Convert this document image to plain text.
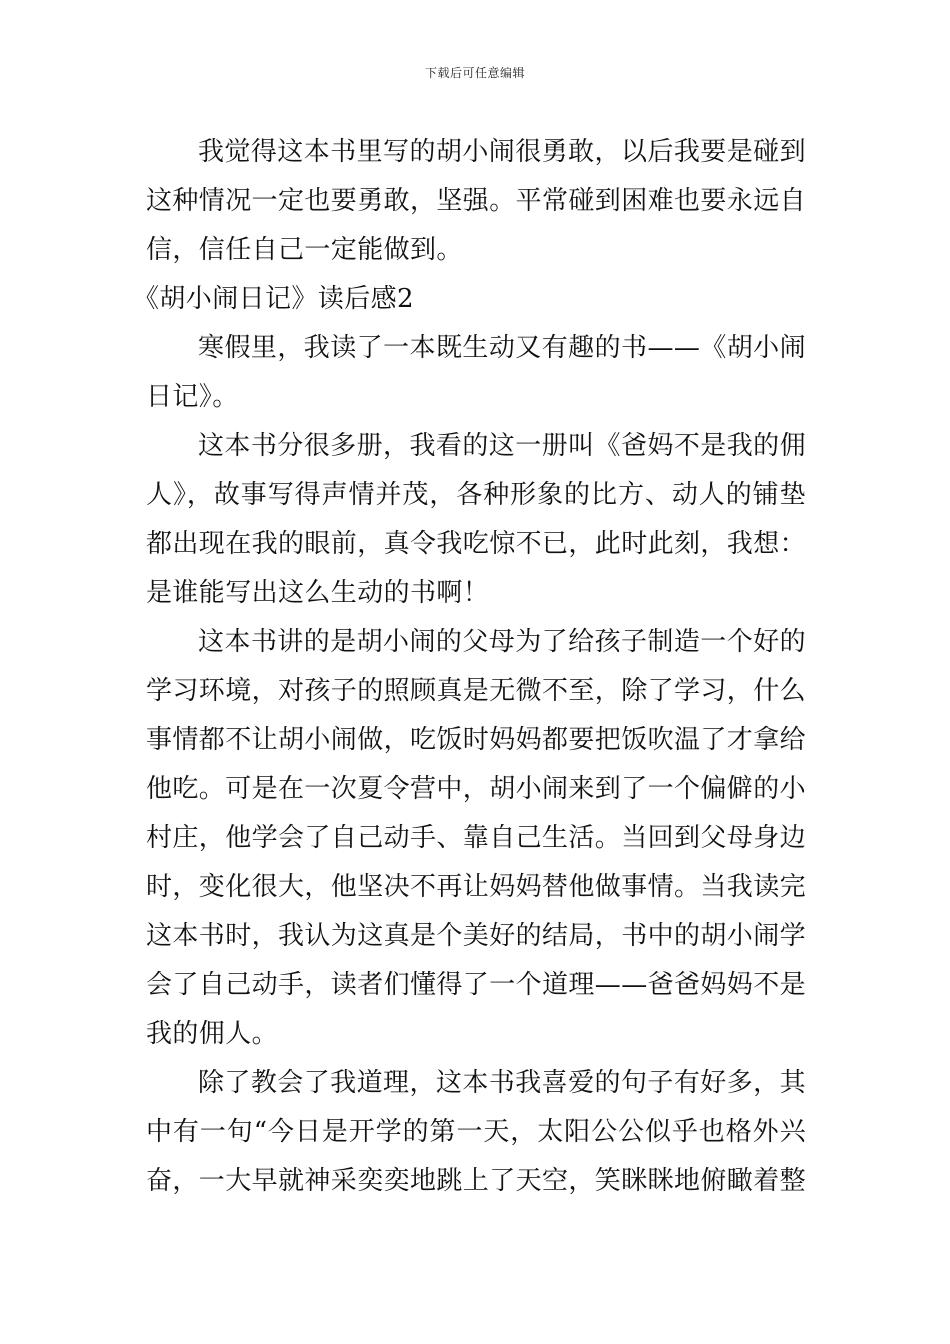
下载后可任意编辑

我觉得这本书里写的胡小闹很勇敢，以后我要是碰到这种情况一定也要勇敢，坚强。平常碰到困难也要永远自信，信任自己一定能做到。

《胡小闹日记》读后感2

寒假里，我读了一本既生动又有趣的书——《胡小闹日记》。

这本书分很多册，我看的这一册叫《爸妈不是我的佣人》，故事写得声情并茂，各种形象的比方、动人的铺垫都出现在我的眼前，真令我吃惊不已，此时此刻，我想：是谁能写出这么生动的书啊！

这本书讲的是胡小闹的父母为了给孩子制造一个好的学习环境，对孩子的照顾真是无微不至，除了学习，什么事情都不让胡小闹做，吃饭时妈妈都要把饭吹温了才拿给他吃。可是在一次夏令营中，胡小闹来到了一个偏僻的小村庄，他学会了自己动手、靠自己生活。当回到父母身边时，变化很大，他坚决不再让妈妈替他做事情。当我读完这本书时，我认为这真是个美好的结局，书中的胡小闹学会了自己动手，读者们懂得了一个道理——爸爸妈妈不是我的佣人。

除了教会了我道理，这本书我喜爱的句子有好多，其中有一句“今日是开学的第一天，太阳公公似乎也格外兴奋，一大早就神采奕奕地跳上了天空，笑眯眯地俯瞰着整
